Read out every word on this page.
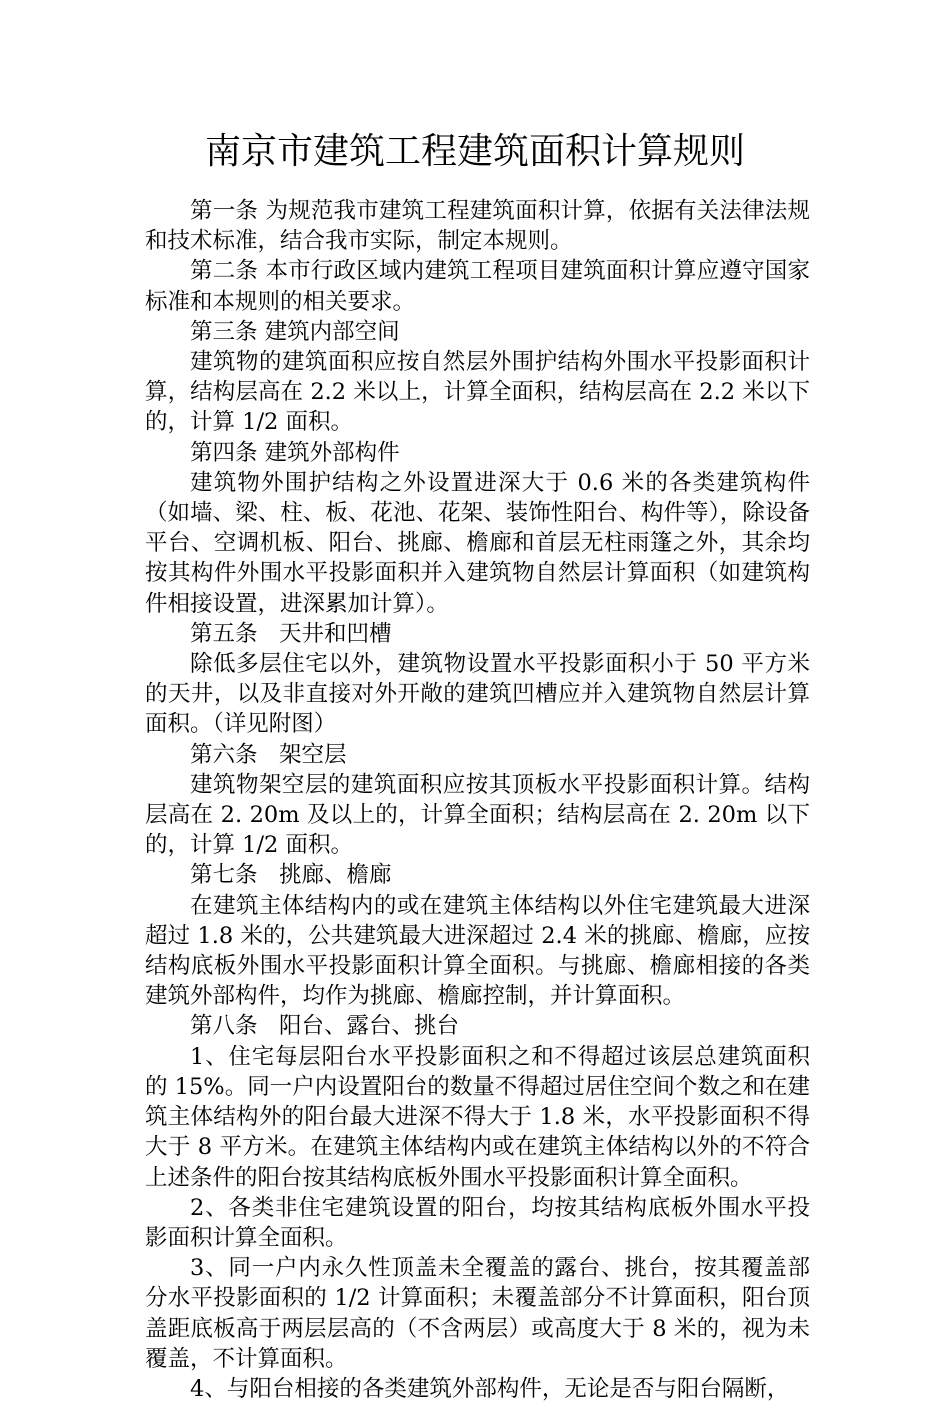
南京市建筑工程建筑面积计算规则

第一条 为规范我市建筑工程建筑面积计算，依据有关法律法规和技术标准，结合我市实际，制定本规则。

第二条 本市行政区域内建筑工程项目建筑面积计算应遵守国家标准和本规则的相关要求。

第三条 建筑内部空间

建筑物的建筑面积应按自然层外围护结构外围水平投影面积计算，结构层高在 2.2 米以上，计算全面积，结构层高在 2.2 米以下的，计算 1/2 面积。

第四条 建筑外部构件

建筑物外围护结构之外设置进深大于 0.6 米的各类建筑构件（如墙、梁、柱、板、花池、花架、装饰性阳台、构件等），除设备平台、空调机板、阳台、挑廊、檐廊和首层无柱雨篷之外，其余均按其构件外围水平投影面积并入建筑物自然层计算面积（如建筑构件相接设置，进深累加计算）。

第五条   天井和凹槽

除低多层住宅以外，建筑物设置水平投影面积小于 50 平方米的天井，以及非直接对外开敞的建筑凹槽应并入建筑物自然层计算面积。（详见附图）

第六条   架空层

建筑物架空层的建筑面积应按其顶板水平投影面积计算。结构层高在 2. 20m 及以上的，计算全面积；结构层高在 2. 20m 以下的，计算 1/2 面积。

第七条   挑廊、檐廊

在建筑主体结构内的或在建筑主体结构以外住宅建筑最大进深超过 1.8 米的，公共建筑最大进深超过 2.4 米的挑廊、檐廊，应按结构底板外围水平投影面积计算全面积。与挑廊、檐廊相接的各类建筑外部构件，均作为挑廊、檐廊控制，并计算面积。

第八条   阳台、露台、挑台

1、住宅每层阳台水平投影面积之和不得超过该层总建筑面积的 15%。同一户内设置阳台的数量不得超过居住空间个数之和在建筑主体结构外的阳台最大进深不得大于 1.8 米，水平投影面积不得大于 8 平方米。在建筑主体结构内或在建筑主体结构以外的不符合上述条件的阳台按其结构底板外围水平投影面积计算全面积。

2、各类非住宅建筑设置的阳台，均按其结构底板外围水平投影面积计算全面积。

3、同一户内永久性顶盖未全覆盖的露台、挑台，按其覆盖部分水平投影面积的 1/2 计算面积；未覆盖部分不计算面积，阳台顶盖距底板高于两层层高的（不含两层）或高度大于 8 米的，视为未覆盖，不计算面积。

4、与阳台相接的各类建筑外部构件，无论是否与阳台隔断，
